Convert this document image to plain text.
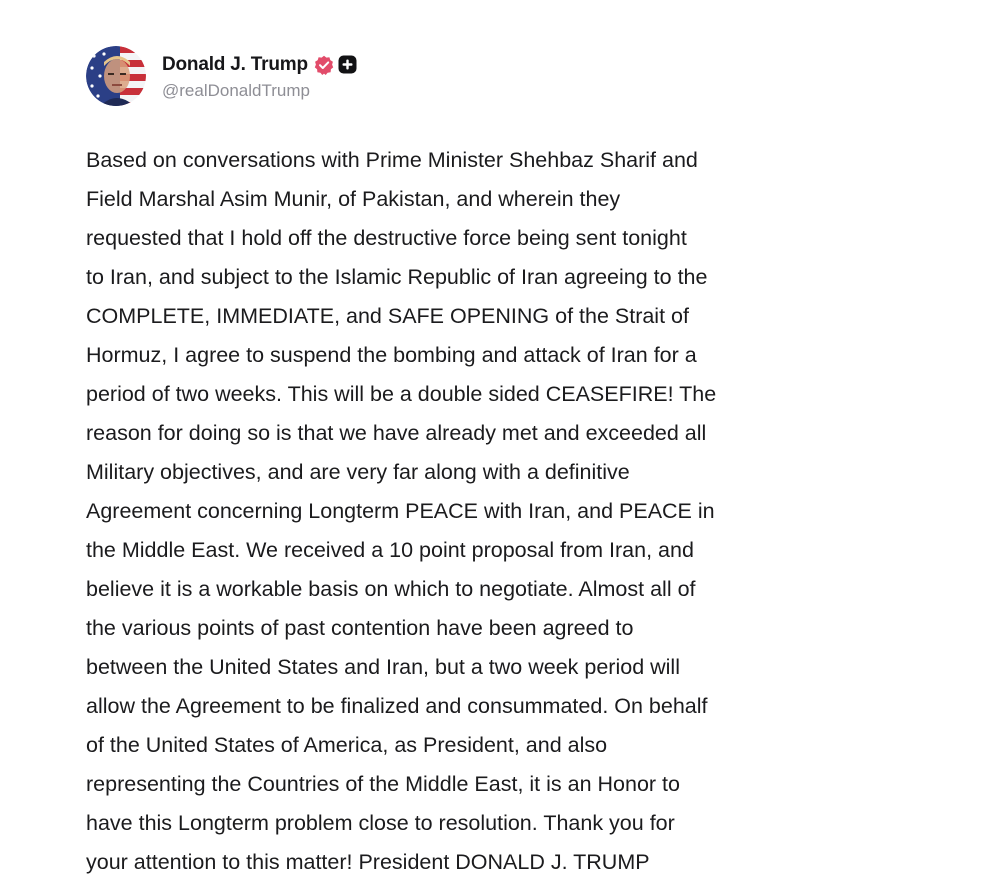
Donald J. Trump
@realDonaldTrump
Based on conversations with Prime Minister Shehbaz Sharif and
Field Marshal Asim Munir, of Pakistan, and wherein they
requested that I hold off the destructive force being sent tonight
to Iran, and subject to the Islamic Republic of Iran agreeing to the
COMPLETE, IMMEDIATE, and SAFE OPENING of the Strait of
Hormuz, I agree to suspend the bombing and attack of Iran for a
period of two weeks. This will be a double sided CEASEFIRE! The
reason for doing so is that we have already met and exceeded all
Military objectives, and are very far along with a definitive
Agreement concerning Longterm PEACE with Iran, and PEACE in
the Middle East. We received a 10 point proposal from Iran, and
believe it is a workable basis on which to negotiate. Almost all of
the various points of past contention have been agreed to
between the United States and Iran, but a two week period will
allow the Agreement to be finalized and consummated. On behalf
of the United States of America, as President, and also
representing the Countries of the Middle East, it is an Honor to
have this Longterm problem close to resolution. Thank you for
your attention to this matter! President DONALD J. TRUMP
